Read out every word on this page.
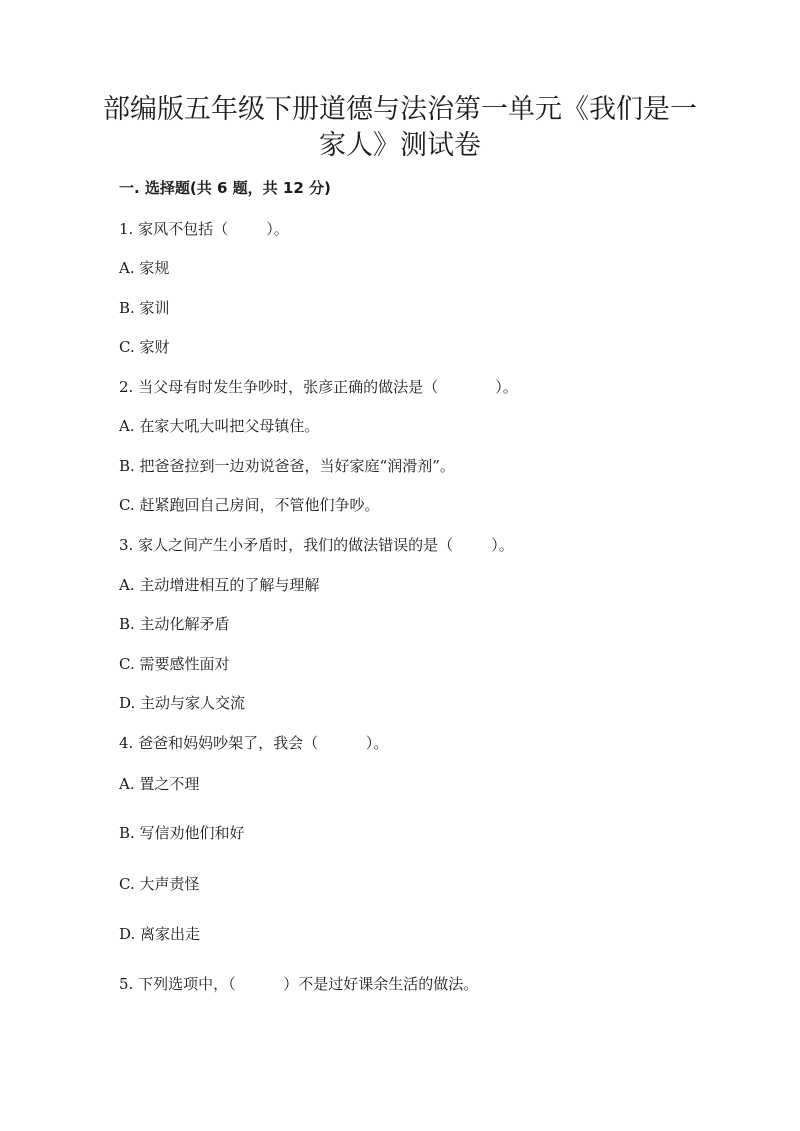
部编版五年级下册道德与法治第一单元《我们是一
家人》测试卷

一. 选择题(共 6 题，共 12 分)

1. 家风不包括（        ）。

A. 家规

B. 家训

C. 家财

2. 当父母有时发生争吵时，张彦正确的做法是（            ）。

A. 在家大吼大叫把父母镇住。

B. 把爸爸拉到一边劝说爸爸，当好家庭“润滑剂”。

C. 赶紧跑回自己房间，不管他们争吵。

3. 家人之间产生小矛盾时，我们的做法错误的是（        ）。

A. 主动增进相互的了解与理解

B. 主动化解矛盾

C. 需要感性面对

D. 主动与家人交流

4. 爸爸和妈妈吵架了，我会（          ）。

A. 置之不理

B. 写信劝他们和好

C. 大声责怪

D. 离家出走

5. 下列选项中，（          ）不是过好课余生活的做法。
